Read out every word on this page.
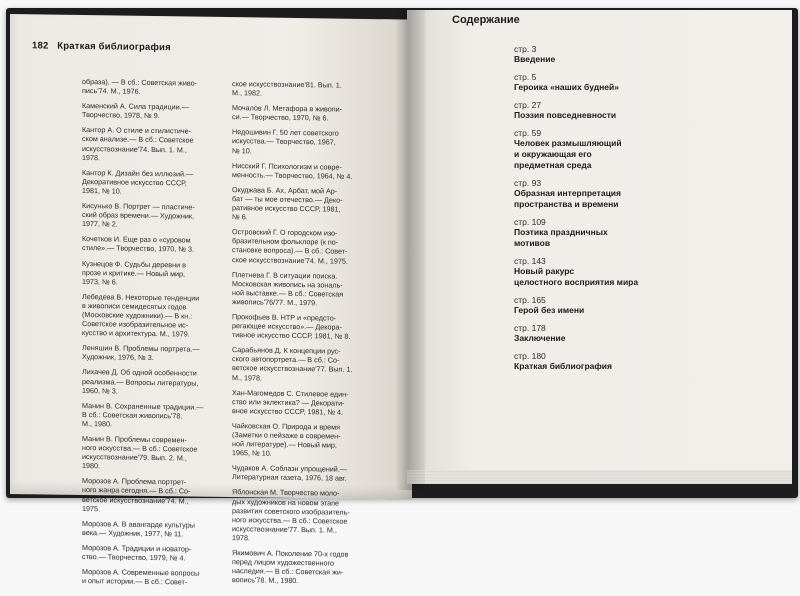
182 Краткая библиография
образа). — В сб.: Советская живо-
пись'74. М., 1976.
Каменский А. Сила традиции.—
Творчество, 1978, № 9.
Кантор А. О стиле и стилистиче-
ском анализе.— В сб.: Советское
искусствознание'74. Вып. 1. М.,
1978.
Кантор К. Дизайн без иллюзий.—
Декоративное искусство СССР,
1981, № 10.
Кисунько В. Портрет — пластиче-
ский образ времени.— Художник,
1977, № 2.
Кочетков И. Еще раз о «суровом
стиле».— Творчество, 1970, № 3.
Кузнецов Ф. Судьбы деревни в
прозе и критике.— Новый мир,
1973, № 6.
Лебедева В. Некоторые тенденции
в живописи семидесятых годов
(Московские художники).— В кн.:
Советское изобразительное ис-
кусство и архитектура. М., 1979.
Леняшин В. Проблемы портрета.—
Художник, 1976, № 3.
Лихачев Д. Об одной особенности
реализма.— Вопросы литературы,
1960, № 3.
Манин В. Сохраненные традиции.—
В сб.: Советская живопись'78.
М., 1980.
Манин В. Проблемы современ-
ного искусства.— В сб.: Советское
искусствознание'79. Вып. 2. М.,
1980.
Морозов А. Проблема портрет-
ного жанра сегодня.— В сб.: Со-
ветское искусствознание'74. М.,
1975.
Морозов А. В авангарде культуры
века.— Художник, 1977, № 11.
Морозов А. Традиции и новатор-
ство.— Творчество, 1979, № 4.
Морозов А. Современные вопросы
и опыт истории.— В сб.: Совет-
ское искусствознание'81. Вып. 1.
М., 1982.
Мочалов Л. Метафора в живопи-
си.— Творчество, 1970, № 6.
Недошивин Г. 50 лет советского
искусства.— Творчество, 1967,
№ 10.
Нисский Г. Психологизм и совре-
менность.— Творчество, 1964, № 4.
Окуджава Б. Ах, Арбат, мой Ар-
бат — ты мое отечество.— Деко-
ративное искусство СССР, 1981,
№ 6.
Островский Г. О городском изо-
бразительном фольклоре (к по-
становке вопроса).— В сб.: Совет-
ское искусствознание'74. М., 1975.
Плетнева Г. В ситуации поиска.
Московская живопись на зональ-
ной выставке.— В сб.: Советская
живопись'76/77. М., 1979.
Прокофьев В. НТР и «предсто-
регающее искусство».— Декора-
тивное искусство СССР, 1981, № 8.
Сарабьянов Д. К концепции рус-
ского автопортрета.— В сб.: Со-
ветское искусствознание'77. Вып. 1.
М., 1978.
Хан-Магомедов С. Стилевое един-
ство или эклектика? — Декорати-
вное искусство СССР, 1981, № 4.
Чайковская О. Природа и время
(Заметки о пейзаже в современ-
ной литературе).— Новый мир,
1965, № 10.
Чудаков А. Соблазн упрощений.—
Литературная газета, 1976, 18 авг.
Яблонская М. Творчество моло-
дых художников на новом этапе
развития советского изобразитель-
ного искусства.— В сб.: Советское
искусствознание'77. Вып. 1. М.,
1978.
Якимович А. Поколение 70-х годов
перед лицом художественного
наследия.— В сб.: Советская жи-
вопись'78. М., 1980.
Содержание
стр. 3
Введение
стр. 5
Героика «наших будней»
стр. 27
Поэзия повседневности
стр. 59
Человек размышляющий
и окружающая его
предметная среда
стр. 93
Образная интерпретация
пространства и времени
стр. 109
Поэтика праздничных
мотивов
стр. 143
Новый ракурс
целостного восприятия мира
стр. 165
Герой без имени
стр. 178
Заключение
стр. 180
Краткая библиография
